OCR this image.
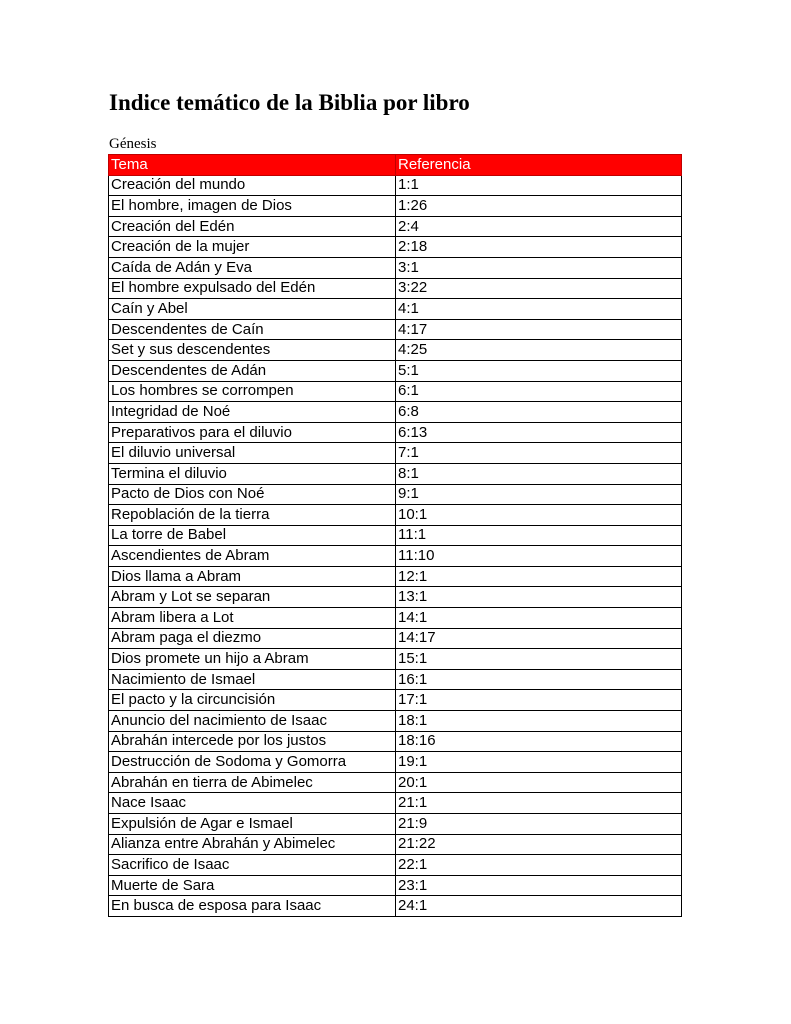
Indice temático de la Biblia por libro
Génesis
Tema	Referencia
Creación del mundo	1:1
El hombre, imagen de Dios	1:26
Creación del Edén	2:4
Creación de la mujer	2:18
Caída de Adán y Eva	3:1
El hombre expulsado del Edén	3:22
Caín y Abel	4:1
Descendentes de Caín	4:17
Set y sus descendentes	4:25
Descendentes de Adán	5:1
Los hombres se corrompen	6:1
Integridad de Noé	6:8
Preparativos para el diluvio	6:13
El diluvio universal	7:1
Termina el diluvio	8:1
Pacto de Dios con Noé	9:1
Repoblación de la tierra	10:1
La torre de Babel	11:1
Ascendientes de Abram	11:10
Dios llama a Abram	12:1
Abram y Lot se separan	13:1
Abram libera a Lot	14:1
Abram paga el diezmo	14:17
Dios promete un hijo a Abram	15:1
Nacimiento de Ismael	16:1
El pacto y la circuncisión	17:1
Anuncio del nacimiento de Isaac	18:1
Abrahán intercede por los justos	18:16
Destrucción de Sodoma y Gomorra	19:1
Abrahán en tierra de Abimelec	20:1
Nace Isaac	21:1
Expulsión de Agar e Ismael	21:9
Alianza entre Abrahán y Abimelec	21:22
Sacrifico de Isaac	22:1
Muerte de Sara	23:1
En busca de esposa para Isaac	24:1
